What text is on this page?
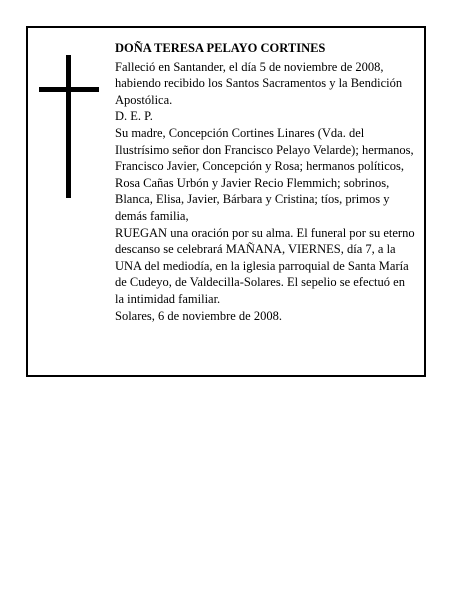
DOÑA TERESA PELAYO CORTINES

Falleció en Santander, el día 5 de noviembre de 2008, habiendo recibido los Santos Sacramentos y la Bendición Apostólica.

D. E. P.

Su madre, Concepción Cortines Linares (Vda. del Ilustrísimo señor don Francisco Pelayo Velarde); hermanos, Francisco Javier, Concepción y Rosa; hermanos políticos, Rosa Cañas Urbón y Javier Recio Flemmich; sobrinos, Blanca, Elisa, Javier, Bárbara y Cristina; tíos, primos y demás familia,

RUEGAN una oración por su alma. El funeral por su eterno descanso se celebrará MAÑANA, VIERNES, día 7, a la UNA del mediodía, en la iglesia parroquial de Santa María de Cudeyo, de Valdecilla-Solares. El sepelio se efectuó en la intimidad familiar.

Solares, 6 de noviembre de 2008.
